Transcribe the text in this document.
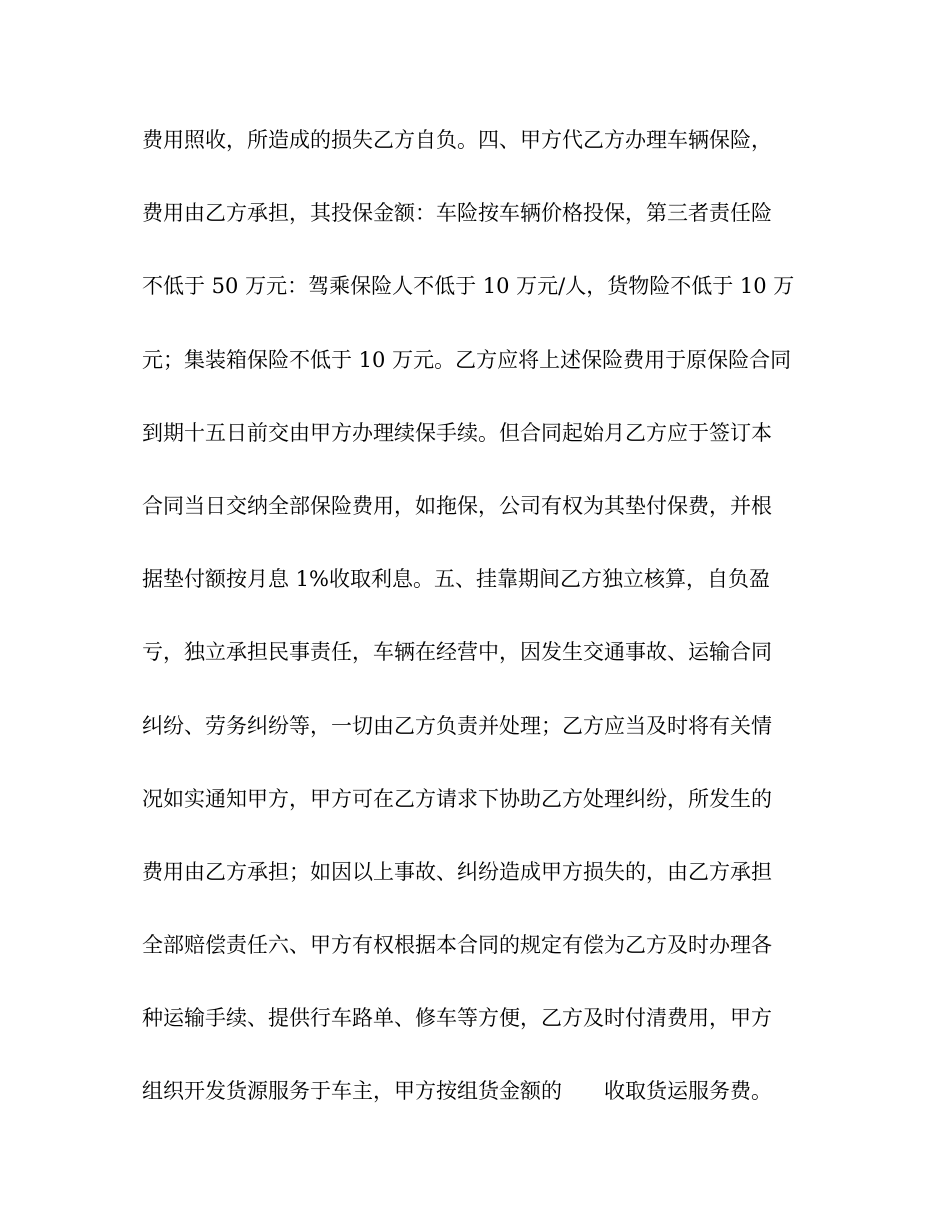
费用照收，所造成的损失乙方自负。四、甲方代乙方办理车辆保险，
费用由乙方承担，其投保金额：车险按车辆价格投保，第三者责任险
不低于 50 万元：驾乘保险人不低于 10 万元/人，货物险不低于 10 万
元；集装箱保险不低于 10 万元。乙方应将上述保险费用于原保险合同
到期十五日前交由甲方办理续保手续。但合同起始月乙方应于签订本
合同当日交纳全部保险费用，如拖保，公司有权为其垫付保费，并根
据垫付额按月息 1%收取利息。五、挂靠期间乙方独立核算，自负盈
亏，独立承担民事责任，车辆在经营中，因发生交通事故、运输合同
纠纷、劳务纠纷等，一切由乙方负责并处理；乙方应当及时将有关情
况如实通知甲方，甲方可在乙方请求下协助乙方处理纠纷，所发生的
费用由乙方承担；如因以上事故、纠纷造成甲方损失的，由乙方承担
全部赔偿责任六、甲方有权根据本合同的规定有偿为乙方及时办理各
种运输手续、提供行车路单、修车等方便，乙方及时付清费用，甲方
组织开发货源服务于车主，甲方按组货金额的　　收取货运服务费。
